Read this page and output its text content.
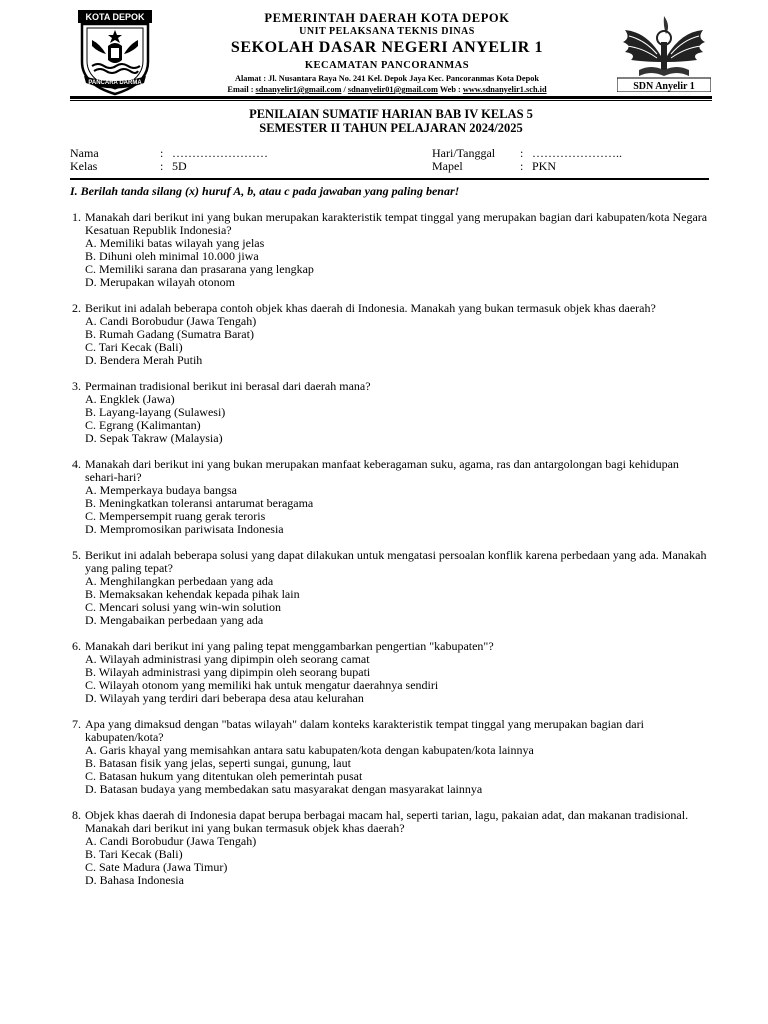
KOTA DEPOK
PANCARA DARMA
PEMERINTAH DAERAH KOTA DEPOK
UNIT PELAKSANA TEKNIS DINAS
SEKOLAH DASAR NEGERI ANYELIR 1
KECAMATAN PANCORANMAS
Alamat : Jl. Nusantara Raya No. 241 Kel. Depok Jaya Kec. Pancoranmas Kota Depok
Email : sdnanyelir1@gmail.com / sdnanyelir01@gmail.com Web : www.sdnanyelir1.sch.id	SDN Anyelir 1
PENILAIAN SUMATIF HARIAN BAB IV KELAS 5
SEMESTER II TAHUN PELAJARAN 2024/2025
Nama	: ……………………
Kelas	: 5D
Hari/Tanggal	: …………………..
Mapel	: PKN
I. Berilah tanda silang (x) huruf A, b, atau c pada jawaban yang paling benar!
1. Manakah dari berikut ini yang bukan merupakan karakteristik tempat tinggal yang merupakan bagian dari kabupaten/kota Negara Kesatuan Republik Indonesia?

A. Memiliki batas wilayah yang jelas

B. Dihuni oleh minimal 10.000 jiwa

C. Memiliki sarana dan prasarana yang lengkap

D. Merupakan wilayah otonom

2. Berikut ini adalah beberapa contoh objek khas daerah di Indonesia. Manakah yang bukan termasuk objek khas daerah?

A. Candi Borobudur (Jawa Tengah)

B. Rumah Gadang (Sumatra Barat)

C. Tari Kecak (Bali)

D. Bendera Merah Putih

3. Permainan tradisional berikut ini berasal dari daerah mana?

A. Engklek (Jawa)

B. Layang-layang (Sulawesi)

C. Egrang (Kalimantan)

D. Sepak Takraw (Malaysia)

4. Manakah dari berikut ini yang bukan merupakan manfaat keberagaman suku, agama, ras dan antargolongan bagi kehidupan sehari-hari?

A. Memperkaya budaya bangsa

B. Meningkatkan toleransi antarumat beragama

C. Mempersempit ruang gerak teroris

D. Mempromosikan pariwisata Indonesia

5. Berikut ini adalah beberapa solusi yang dapat dilakukan untuk mengatasi persoalan konflik karena perbedaan yang ada. Manakah yang paling tepat?

A. Menghilangkan perbedaan yang ada

B. Memaksakan kehendak kepada pihak lain

C. Mencari solusi yang win-win solution

D. Mengabaikan perbedaan yang ada

6. Manakah dari berikut ini yang paling tepat menggambarkan pengertian "kabupaten"?

A. Wilayah administrasi yang dipimpin oleh seorang camat

B. Wilayah administrasi yang dipimpin oleh seorang bupati

C. Wilayah otonom yang memiliki hak untuk mengatur daerahnya sendiri

D. Wilayah yang terdiri dari beberapa desa atau kelurahan

7. Apa yang dimaksud dengan "batas wilayah" dalam konteks karakteristik tempat tinggal yang merupakan bagian dari kabupaten/kota?

A. Garis khayal yang memisahkan antara satu kabupaten/kota dengan kabupaten/kota lainnya

B. Batasan fisik yang jelas, seperti sungai, gunung, laut

C. Batasan hukum yang ditentukan oleh pemerintah pusat

D. Batasan budaya yang membedakan satu masyarakat dengan masyarakat lainnya

8. Objek khas daerah di Indonesia dapat berupa berbagai macam hal, seperti tarian, lagu, pakaian adat, dan makanan tradisional. Manakah dari berikut ini yang bukan termasuk objek khas daerah?

A. Candi Borobudur (Jawa Tengah)

B. Tari Kecak (Bali)

C. Sate Madura (Jawa Timur)

D. Bahasa Indonesia
